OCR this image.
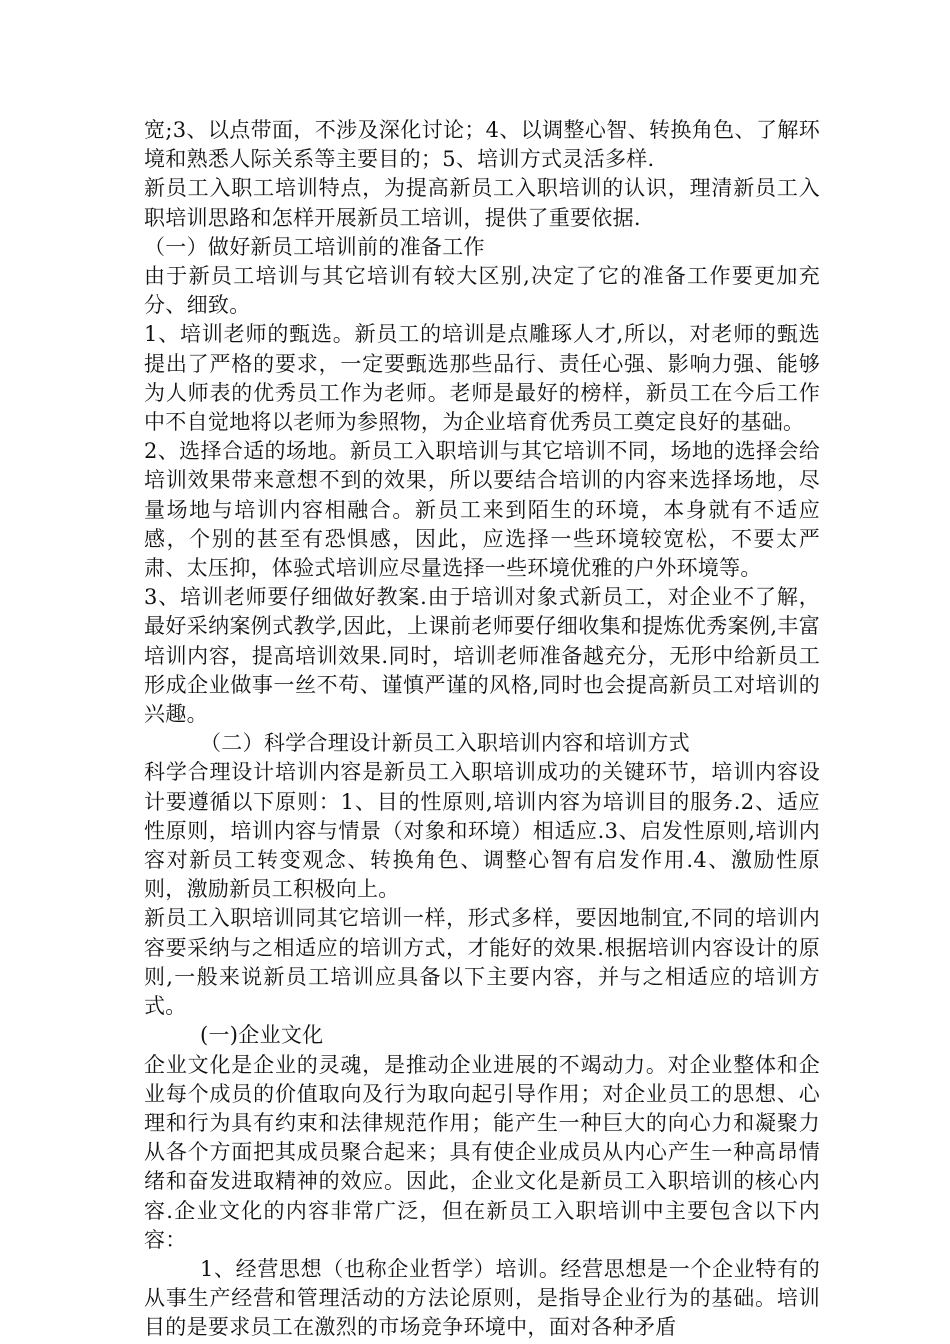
宽;3、以点带面，不涉及深化讨论；4、以调整心智、转换角色、了解环境和熟悉人际关系等主要目的；5、培训方式灵活多样.

新员工入职工培训特点，为提高新员工入职培训的认识，理清新员工入职培训思路和怎样开展新员工培训，提供了重要依据.

（一）做好新员工培训前的准备工作

由于新员工培训与其它培训有较大区别,决定了它的准备工作要更加充分、细致。

1、培训老师的甄选。新员工的培训是点雕琢人才,所以，对老师的甄选提出了严格的要求，一定要甄选那些品行、责任心强、影响力强、能够为人师表的优秀员工作为老师。老师是最好的榜样，新员工在今后工作中不自觉地将以老师为参照物，为企业培育优秀员工奠定良好的基础。

2、选择合适的场地。新员工入职培训与其它培训不同，场地的选择会给培训效果带来意想不到的效果，所以要结合培训的内容来选择场地，尽量场地与培训内容相融合。新员工来到陌生的环境，本身就有不适应感，个别的甚至有恐惧感，因此，应选择一些环境较宽松，不要太严肃、太压抑，体验式培训应尽量选择一些环境优雅的户外环境等。

3、培训老师要仔细做好教案.由于培训对象式新员工，对企业不了解，最好采纳案例式教学,因此，上课前老师要仔细收集和提炼优秀案例,丰富培训内容，提高培训效果.同时，培训老师准备越充分，无形中给新员工形成企业做事一丝不苟、谨慎严谨的风格,同时也会提高新员工对培训的兴趣。

（二）科学合理设计新员工入职培训内容和培训方式

科学合理设计培训内容是新员工入职培训成功的关键环节，培训内容设计要遵循以下原则：1、目的性原则,培训内容为培训目的服务.2、适应性原则，培训内容与情景（对象和环境）相适应.3、启发性原则,培训内容对新员工转变观念、转换角色、调整心智有启发作用.4、激励性原则，激励新员工积极向上。

新员工入职培训同其它培训一样，形式多样，要因地制宜,不同的培训内容要采纳与之相适应的培训方式，才能好的效果.根据培训内容设计的原则,一般来说新员工培训应具备以下主要内容，并与之相适应的培训方式。

(一)企业文化

企业文化是企业的灵魂，是推动企业进展的不竭动力。对企业整体和企业每个成员的价值取向及行为取向起引导作用；对企业员工的思想、心理和行为具有约束和法律规范作用；能产生一种巨大的向心力和凝聚力从各个方面把其成员聚合起来；具有使企业成员从内心产生一种高昂情绪和奋发进取精神的效应。因此，企业文化是新员工入职培训的核心内容.企业文化的内容非常广泛，但在新员工入职培训中主要包含以下内容：

1、经营思想（也称企业哲学）培训。经营思想是一个企业特有的从事生产经营和管理活动的方法论原则，是指导企业行为的基础。培训目的是要求员工在激烈的市场竞争环境中，面对各种矛盾
